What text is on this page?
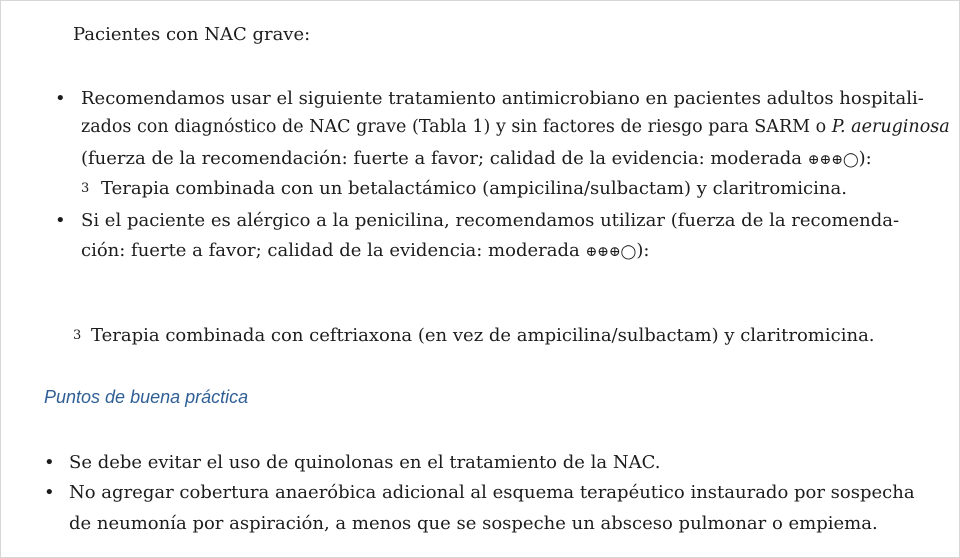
Pacientes con NAC grave:
• Recomendamos usar el siguiente tratamiento antimicrobiano en pacientes adultos hospitali-
zados con diagnóstico de NAC grave (Tabla 1) y sin factores de riesgo para SARM o P. aeruginosa
(fuerza de la recomendación: fuerte a favor; calidad de la evidencia: moderada ⊕⊕⊕◯):
3 Terapia combinada con un betalactámico (ampicilina/sulbactam) y claritromicina.
• Si el paciente es alérgico a la penicilina, recomendamos utilizar (fuerza de la recomenda-
ción: fuerte a favor; calidad de la evidencia: moderada ⊕⊕⊕◯):
3 Terapia combinada con ceftriaxona (en vez de ampicilina/sulbactam) y claritromicina.
Puntos de buena práctica
• Se debe evitar el uso de quinolonas en el tratamiento de la NAC.
• No agregar cobertura anaeróbica adicional al esquema terapéutico instaurado por sospecha
de neumonía por aspiración, a menos que se sospeche un absceso pulmonar o empiema.
